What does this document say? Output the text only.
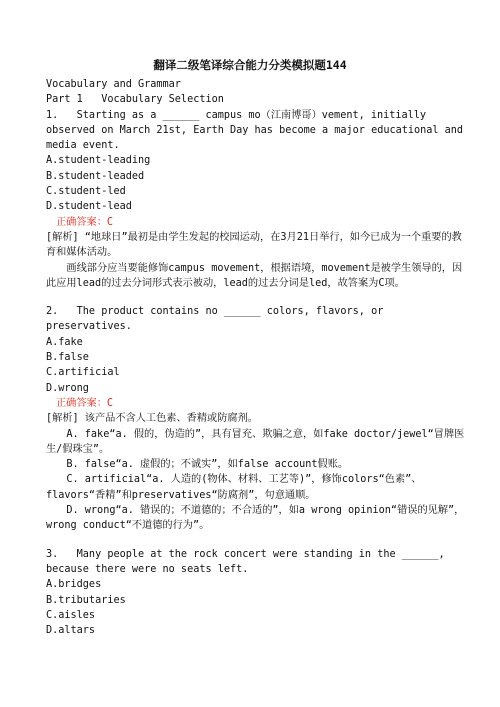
翻译二级笔译综合能力分类模拟题144

Vocabulary and Grammar

Part 1   Vocabulary Selection

1.   Starting as a ______ campus mo（江南博哥）vement, initially observed on March 21st, Earth Day has become a major educational and media event.

A.student-leading

B.student-leaded

C.student-led

D.student-lead

正确答案：C

[解析] “地球日”最初是由学生发起的校园运动，在3月21日举行，如今已成为一个重要的教育和媒体活动。

画线部分应当要能修饰campus movement，根据语境，movement是被学生领导的，因此应用lead的过去分词形式表示被动，lead的过去分词是led，故答案为C项。

2.   The product contains no ______ colors, flavors, or preservatives.

A.fake

B.false

C.artificial

D.wrong

正确答案：C

[解析] 该产品不含人工色素、香精或防腐剂。

A. fake“a. 假的，伪造的”，具有冒充、欺骗之意，如fake doctor/jewel“冒牌医生/假珠宝”。

B. false“a. 虚假的；不诚实”，如false account假账。

C. artificial“a. 人造的(物体、材料、工艺等)”，修饰colors“色素”、flavors“香精”和preservatives“防腐剂”，句意通顺。

D. wrong“a. 错误的；不道德的；不合适的”，如a wrong opinion“错误的见解”，wrong conduct“不道德的行为”。

3.   Many people at the rock concert were standing in the ______, because there were no seats left.

A.bridges

B.tributaries

C.aisles

D.altars
